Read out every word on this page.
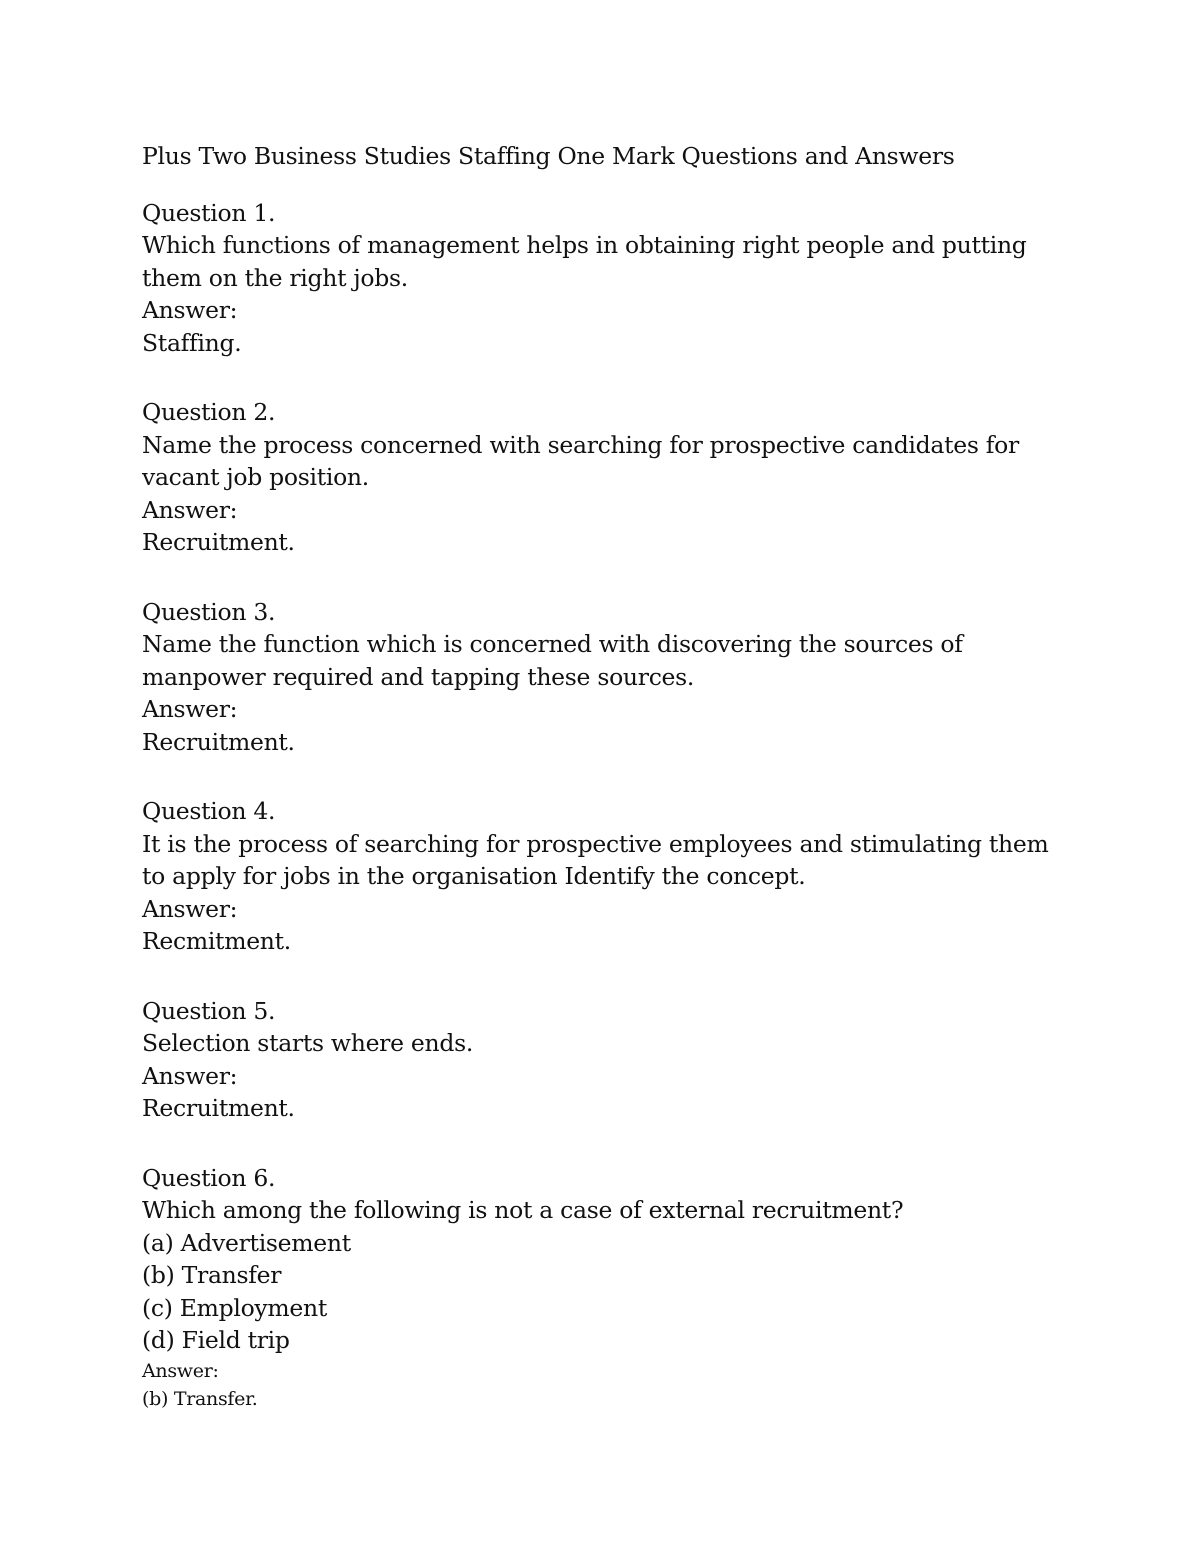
Plus Two Business Studies Staffing One Mark Questions and Answers
Question 1.
Which functions of management helps in obtaining right people and putting
them on the right jobs.
Answer:
Staffing.
Question 2.
Name the process concerned with searching for prospective candidates for
vacant job position.
Answer:
Recruitment.
Question 3.
Name the function which is concerned with discovering the sources of
manpower required and tapping these sources.
Answer:
Recruitment.
Question 4.
It is the process of searching for prospective employees and stimulating them
to apply for jobs in the organisation Identify the concept.
Answer:
Recmitment.
Question 5.
Selection starts where ends.
Answer:
Recruitment.
Question 6.
Which among the following is not a case of external recruitment?
(a) Advertisement
(b) Transfer
(c) Employment
(d) Field trip
Answer:
(b) Transfer.
